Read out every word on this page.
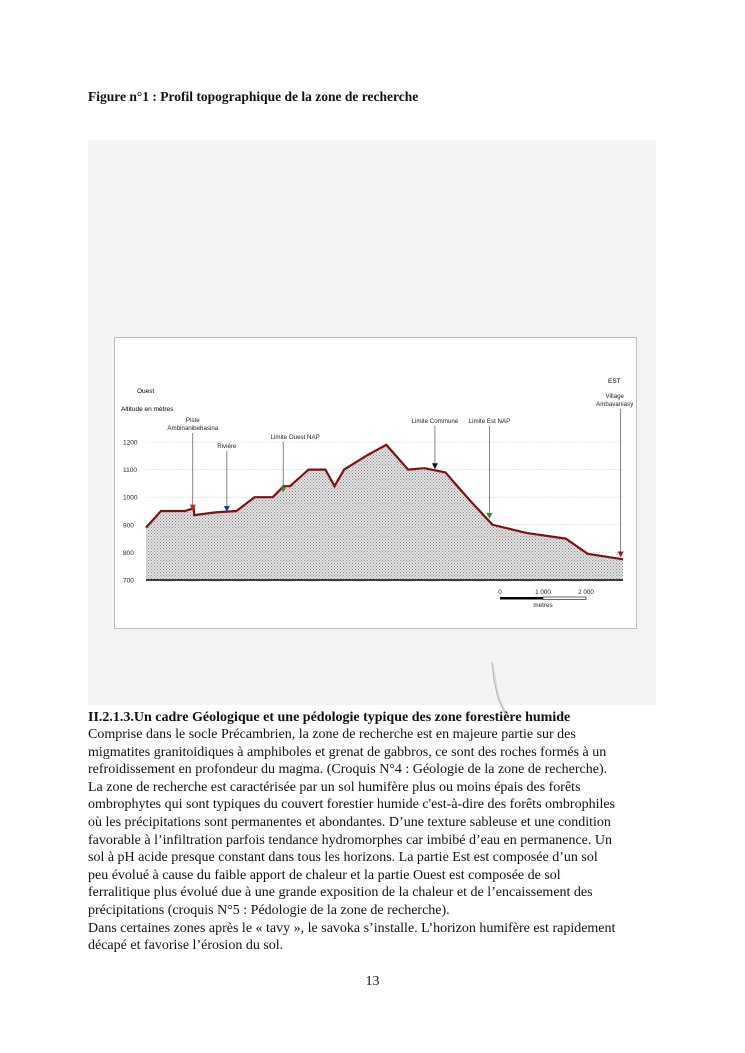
Figure n°1 : Profil topographique de la zone de recherche
700
800
900
1000
1100
1200
Ouest
Altitude en mètres
EST
Piste
Ambinanibehasina
Rivière
Limite Ouest NAP
Limite Commune Limite Est NAP
Village
Ambavaniasy
0	1 000	2 000
metres
II.2.1.3.Un cadre Géologique et une pédologie typique des zone forestière humide
Comprise dans le socle Précambrien, la zone de recherche est en majeure partie sur des
migmatites granitoidiques à amphiboles et grenat de gabbros, ce sont des roches formés à un
refroidissement en profondeur du magma. (Croquis N°4 : Géologie de la zone de recherche).
La zone de recherche est caractérisée par un sol humifère plus ou moins épais des forêts
ombrophytes qui sont typiques du couvert forestier humide c'est-à-dire des forêts ombrophiles
où les précipitations sont permanentes et abondantes. D’une texture sableuse et une condition
favorable à l’infiltration parfois tendance hydromorphes car imbibé d’eau en permanence. Un
sol à pH acide presque constant dans tous les horizons. La partie Est est composée d’un sol
peu évolué à cause du faible apport de chaleur et la partie Ouest est composée de sol
ferralitique plus évolué due à une grande exposition de la chaleur et de l’encaissement des
précipitations (croquis N°5 : Pédologie de la zone de recherche).
Dans certaines zones après le « tavy », le savoka s’installe. L’horizon humifère est rapidement
décapé et favorise l’érosion du sol.
13
